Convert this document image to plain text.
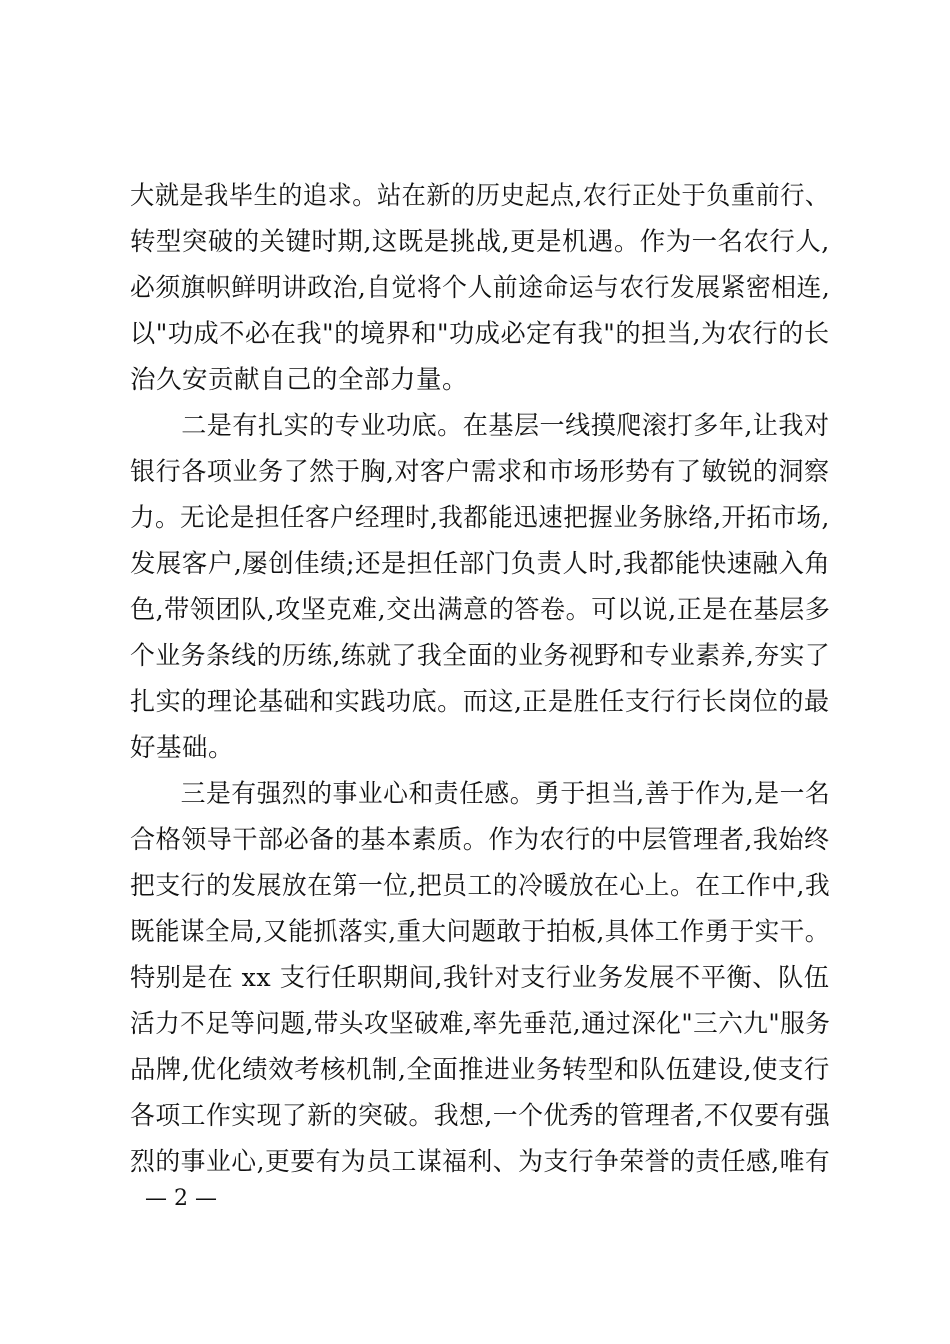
大就是我毕生的追求。站在新的历史起点,农行正处于负重前行、
转型突破的关键时期,这既是挑战,更是机遇。作为一名农行人,
必须旗帜鲜明讲政治,自觉将个人前途命运与农行发展紧密相连,
以"功成不必在我"的境界和"功成必定有我"的担当,为农行的长
治久安贡献自己的全部力量。
　　二是有扎实的专业功底。在基层一线摸爬滚打多年,让我对
银行各项业务了然于胸,对客户需求和市场形势有了敏锐的洞察
力。无论是担任客户经理时,我都能迅速把握业务脉络,开拓市场,
发展客户,屡创佳绩;还是担任部门负责人时,我都能快速融入角
色,带领团队,攻坚克难,交出满意的答卷。可以说,正是在基层多
个业务条线的历练,练就了我全面的业务视野和专业素养,夯实了
扎实的理论基础和实践功底。而这,正是胜任支行行长岗位的最
好基础。
　　三是有强烈的事业心和责任感。勇于担当,善于作为,是一名
合格领导干部必备的基本素质。作为农行的中层管理者,我始终
把支行的发展放在第一位,把员工的冷暖放在心上。在工作中,我
既能谋全局,又能抓落实,重大问题敢于拍板,具体工作勇于实干。
特别是在 xx 支行任职期间,我针对支行业务发展不平衡、队伍
活力不足等问题,带头攻坚破难,率先垂范,通过深化"三六九"服务
品牌,优化绩效考核机制,全面推进业务转型和队伍建设,使支行
各项工作实现了新的突破。我想,一个优秀的管理者,不仅要有强
烈的事业心,更要有为员工谋福利、为支行争荣誉的责任感,唯有
— 2 —
